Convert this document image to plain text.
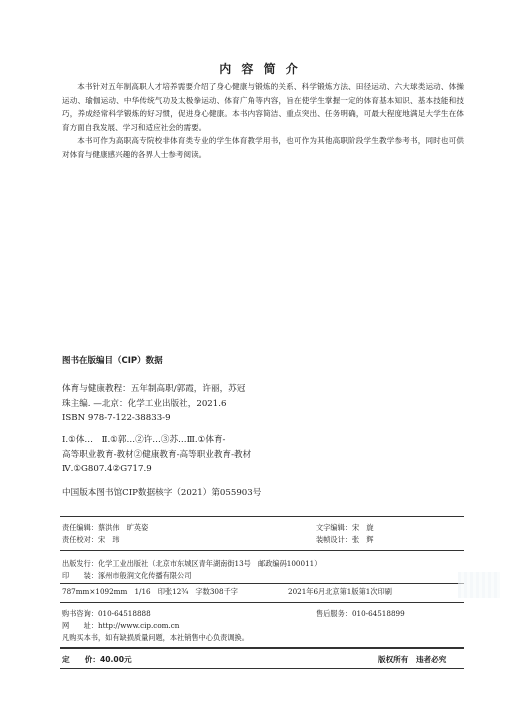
内 容 简 介

本书针对五年制高职人才培养需要介绍了身心健康与锻炼的关系、科学锻炼方法、田径运动、六大球类运动、体操运动、瑜伽运动、中华传统气功及太极拳运动、体育广角等内容，旨在使学生掌握一定的体育基本知识、基本技能和技巧，养成经常科学锻炼的好习惯，促进身心健康。本书内容简洁、重点突出、任务明确，可最大程度地满足大学生在体育方面自我发展、学习和适应社会的需要。

本书可作为高职高专院校非体育类专业的学生体育教学用书，也可作为其他高职阶段学生教学参考书，同时也可供对体育与健康感兴趣的各界人士参考阅读。

图书在版编目（CIP）数据

体育与健康教程：五年制高职/郭霞，许丽，苏冠

珠主编. —北京：化学工业出版社，2021.6

ISBN 978-7-122-38833-9

Ⅰ.①体…　Ⅱ.①郭…②许…③苏…Ⅲ.①体育-

高等职业教育-教材②健康教育-高等职业教育-教材

Ⅳ.①G807.4②G717.9

中国版本图书馆CIP数据核字（2021）第055903号
责任编辑：蔡洪伟　旷英姿	文字编辑：宋　旋
责任校对：宋　玮	装帧设计：张　辉
出版发行：化学工业出版社（北京市东城区青年湖南街13号　邮政编码100011）
印　　装：涿州市般润文化传播有限公司
787mm×1092mm　1/16　印张12¾　字数308千字	2021年6月北京第1版第1次印刷
购书咨询：010-64518888	售后服务：010-64518899
网　　址：http://www.cip.com.cn
凡购买本书，如有缺损质量问题，本社销售中心负责调换。
定　　价：40.00元	版权所有　违者必究
